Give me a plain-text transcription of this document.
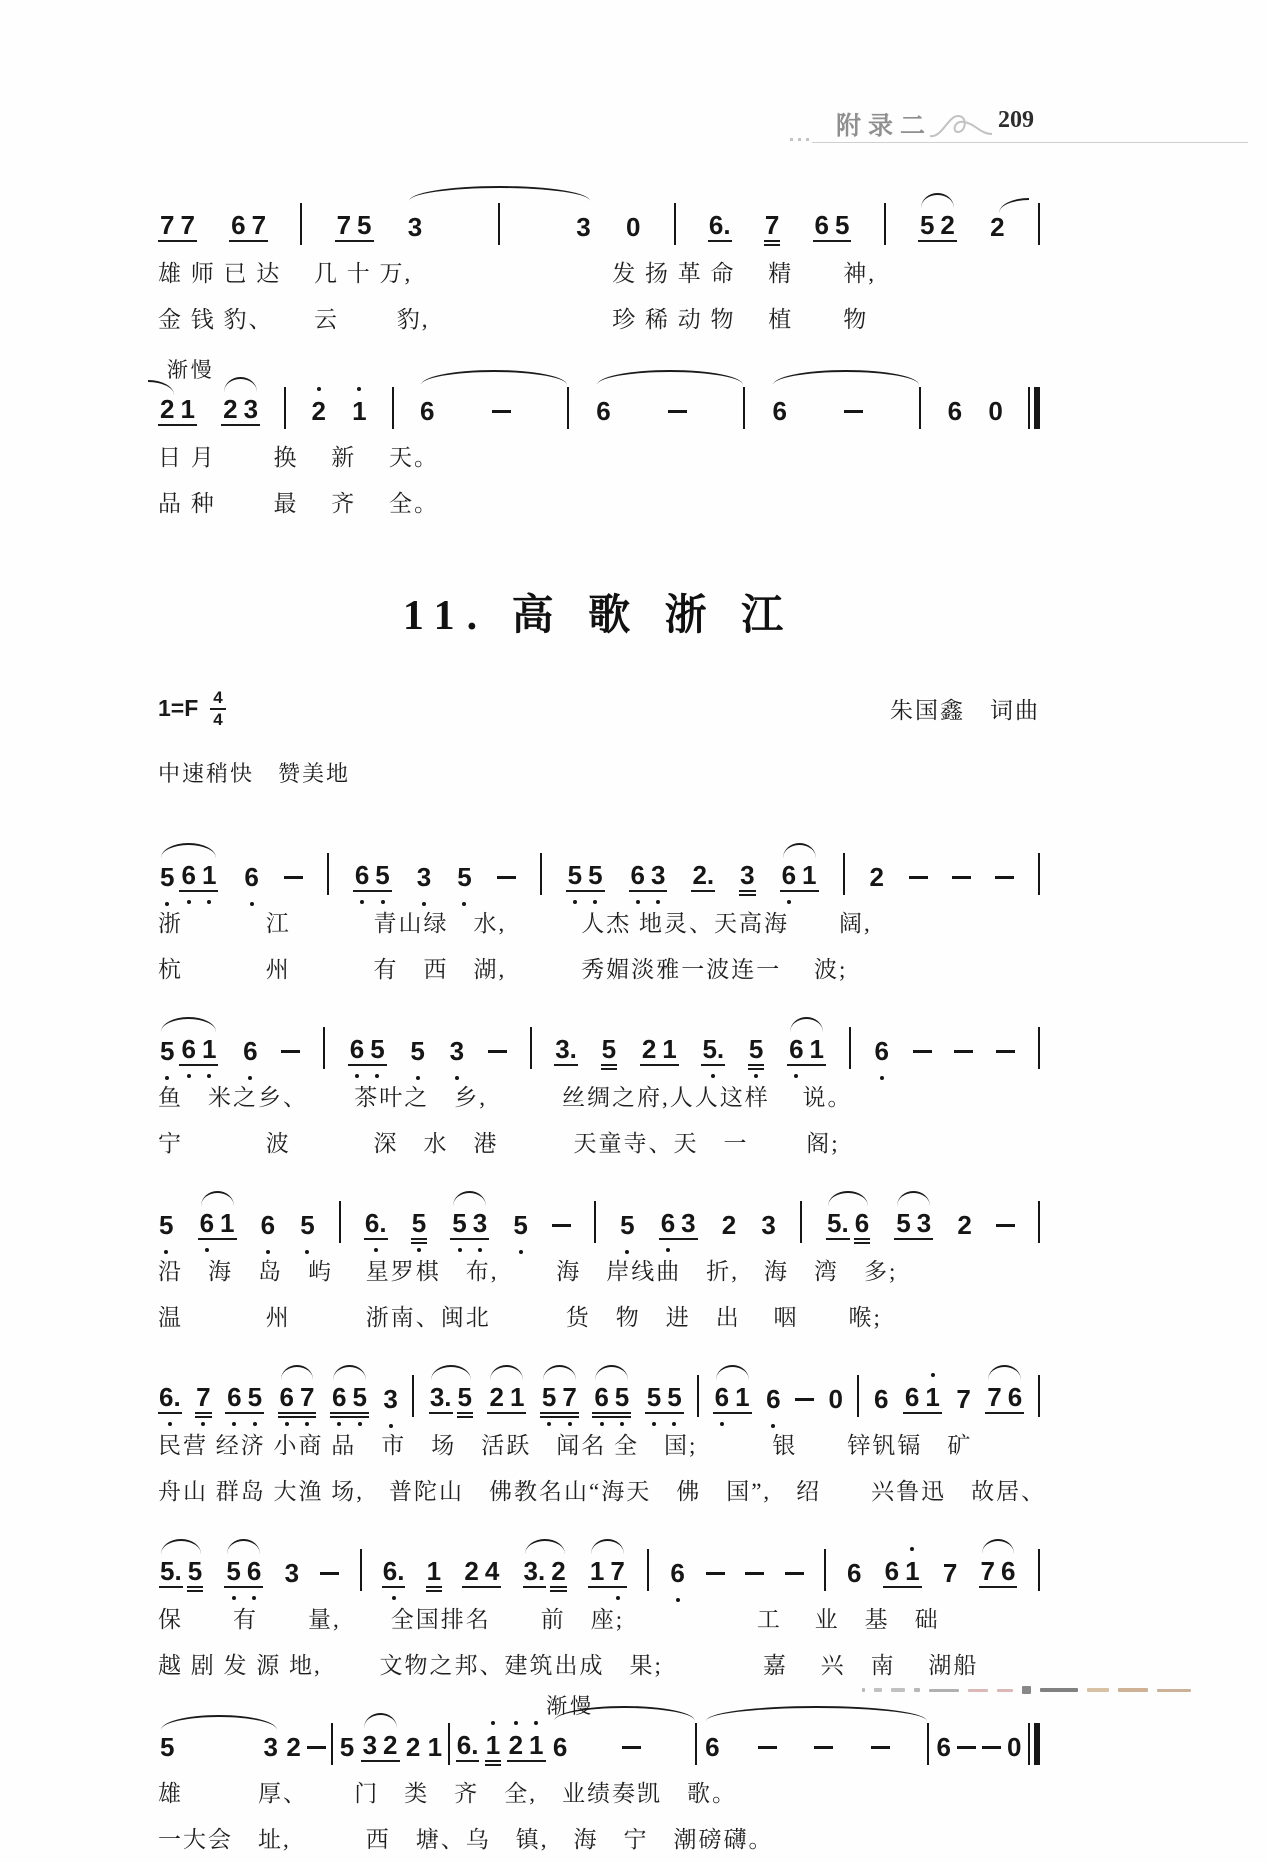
附录二	209
7 7 6 7	7 5 3	3 0	6. 7 6 5	5 2 2
雄 师 已 达　 几 十 万,　　　　　　　　发 扬 革 命　 精　　神,
金 钱 豹、 　 云　　 豹,　　　　　　　 珍 稀 动 物　 植　　物
渐慢
2 1 2 3 2 1 6	6	6	6 0
日 月　　 换　 新　 天。
品 种　　 最　 齐　 全。
11. 高 歌 浙 江
$1=F \frac{4}{4}$	朱国鑫　词曲
中速稍快　赞美地
5 6 1 6	6 5 3 5	5 5 6 3 2. 3 6 1 2
浙　　　 江　　　 青山绿　水,　　　人杰 地灵、天高海　　阔,
杭　　　 州　　　 有　西　湖,　　　秀媚淡雅一波连一　 波;
5 6 1 6	6 5 5 3	3. 5 2 1 5. 5 6 1 6
鱼　米之乡、　　 茶叶之　乡,　　　丝绸之府,人人这样　 说。
宁　　　 波　　　 深　水　港　　　天童寺、天　一　　 阁;
5 6 1 6 5 6. 5 5 3 5	5 6 3 2 3 5. 6 5 3 2
沿　海　岛　屿　 星罗棋　布,　　 海　岸线曲　折,　海　湾　多;
温　　　 州　　　浙南、闽北　　　货　物　进　出　 咽　　喉;
6. 7 6 5 6 7 6 5 3 3. 5 2 1 5 7 6 5 5 5 6 1 6 0 6 6 1 7 7 6
民营 经济 小商 品　市　场　活跃　闻名 全　国;　　　银　　锌钒镉　矿
舟山 群岛 大渔 场,　普陀山　佛教名山“海天　佛　国”,　绍　　兴鲁迅　故居、
5. 5 5 6 3	6. 1 2 4 3. 2 1 7 6	6 6 1 7 7 6
保　　有　　量,　　全国排名　　前　座;　　　　　 工　 业　基　础
越 剧 发 源 地,　　 文物之邦、建筑出成　果;　　　　嘉　 兴　南　 湖船
渐慢
5	3 2 5 3 2 2 1 6. 1 2 1 6	6	6 0
雄　　　厚、　　 门　类　齐　全,　业绩奏凯　歌。
一大会　址,　　　西　塘、乌　镇,　海　宁　潮磅礴。
